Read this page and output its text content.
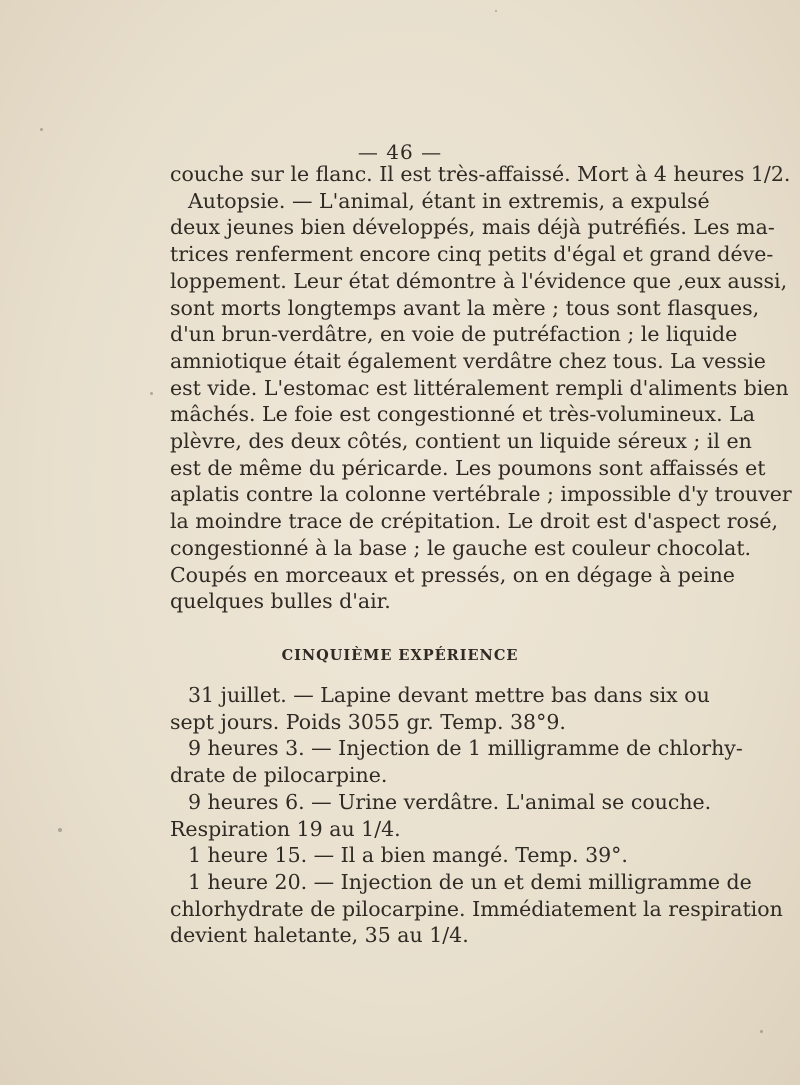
— 46 —
couche sur le flanc. Il est très-affaissé. Mort à 4 heures 1/2.
Autopsie. — L'animal, étant in extremis, a expulsé
deux jeunes bien développés, mais déjà putréfiés. Les ma-
trices renferment encore cinq petits d'égal et grand déve-
loppement. Leur état démontre à l'évidence que ,eux aussi,
sont morts longtemps avant la mère ; tous sont flasques,
d'un brun-verdâtre, en voie de putréfaction ; le liquide
amniotique était également verdâtre chez tous. La vessie
est vide. L'estomac est littéralement rempli d'aliments bien
mâchés. Le foie est congestionné et très-volumineux. La
plèvre, des deux côtés, contient un liquide séreux ; il en
est de même du péricarde. Les poumons sont affaissés et
aplatis contre la colonne vertébrale ; impossible d'y trouver
la moindre trace de crépitation. Le droit est d'aspect rosé,
congestionné à la base ; le gauche est couleur chocolat.
Coupés en morceaux et pressés, on en dégage à peine
quelques bulles d'air.
CINQUIÈME EXPÉRIENCE
31 juillet. — Lapine devant mettre bas dans six ou
sept jours. Poids 3055 gr. Temp. 38°9.
9 heures 3. — Injection de 1 milligramme de chlorhy-
drate de pilocarpine.
9 heures 6. — Urine verdâtre. L'animal se couche.
Respiration 19 au 1/4.
1 heure 15. — Il a bien mangé. Temp. 39°.
1 heure 20. — Injection de un et demi milligramme de
chlorhydrate de pilocarpine. Immédiatement la respiration
devient haletante, 35 au 1/4.
